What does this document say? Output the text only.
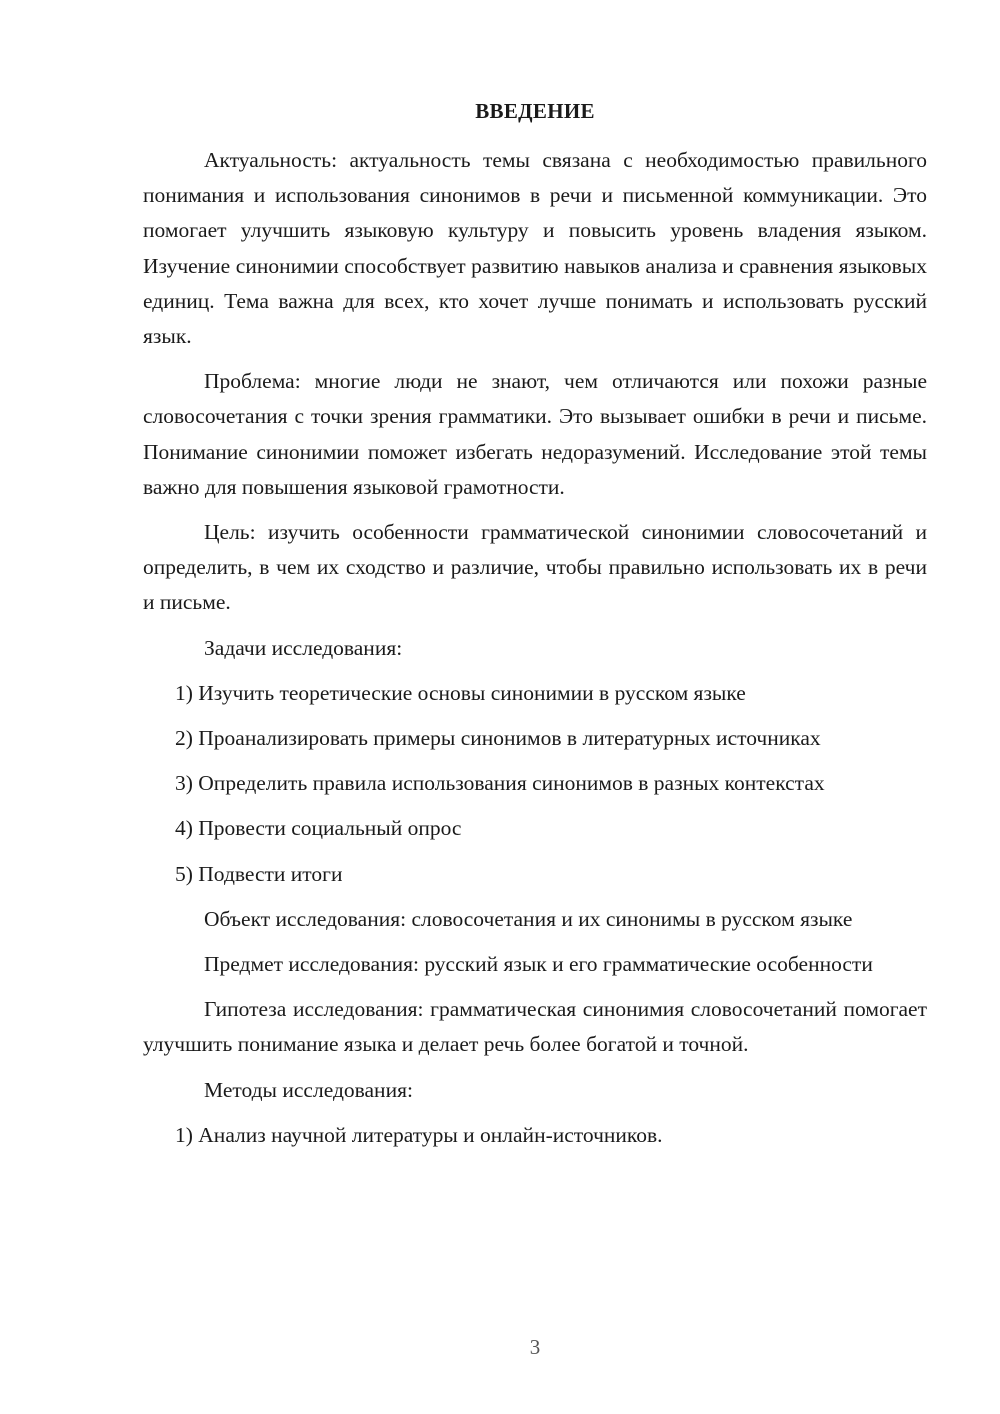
ВВЕДЕНИЕ

Актуальность: актуальность темы связана с необходимостью правильного понимания и использования синонимов в речи и письменной коммуникации. Это помогает улучшить языковую культуру и повысить уровень владения языком. Изучение синонимии способствует развитию навыков анализа и сравнения языковых единиц. Тема важна для всех, кто хочет лучше понимать и использовать русский язык.

Проблема: многие люди не знают, чем отличаются или похожи разные словосочетания с точки зрения грамматики. Это вызывает ошибки в речи и письме. Понимание синонимии поможет избегать недоразумений. Исследование этой темы важно для повышения языковой грамотности.

Цель: изучить особенности грамматической синонимии словосочетаний и определить, в чем их сходство и различие, чтобы правильно использовать их в речи и письме.

Задачи исследования:

1) Изучить теоретические основы синонимии в русском языке

2) Проанализировать примеры синонимов в литературных источниках

3) Определить правила использования синонимов в разных контекстах

4) Провести социальный опрос

5) Подвести итоги

Объект исследования: словосочетания и их синонимы в русском языке

Предмет исследования: русский язык и его грамматические особенности

Гипотеза исследования: грамматическая синонимия словосочетаний помогает улучшить понимание языка и делает речь более богатой и точной.

Методы исследования:

1) Анализ научной литературы и онлайн-источников.

3
